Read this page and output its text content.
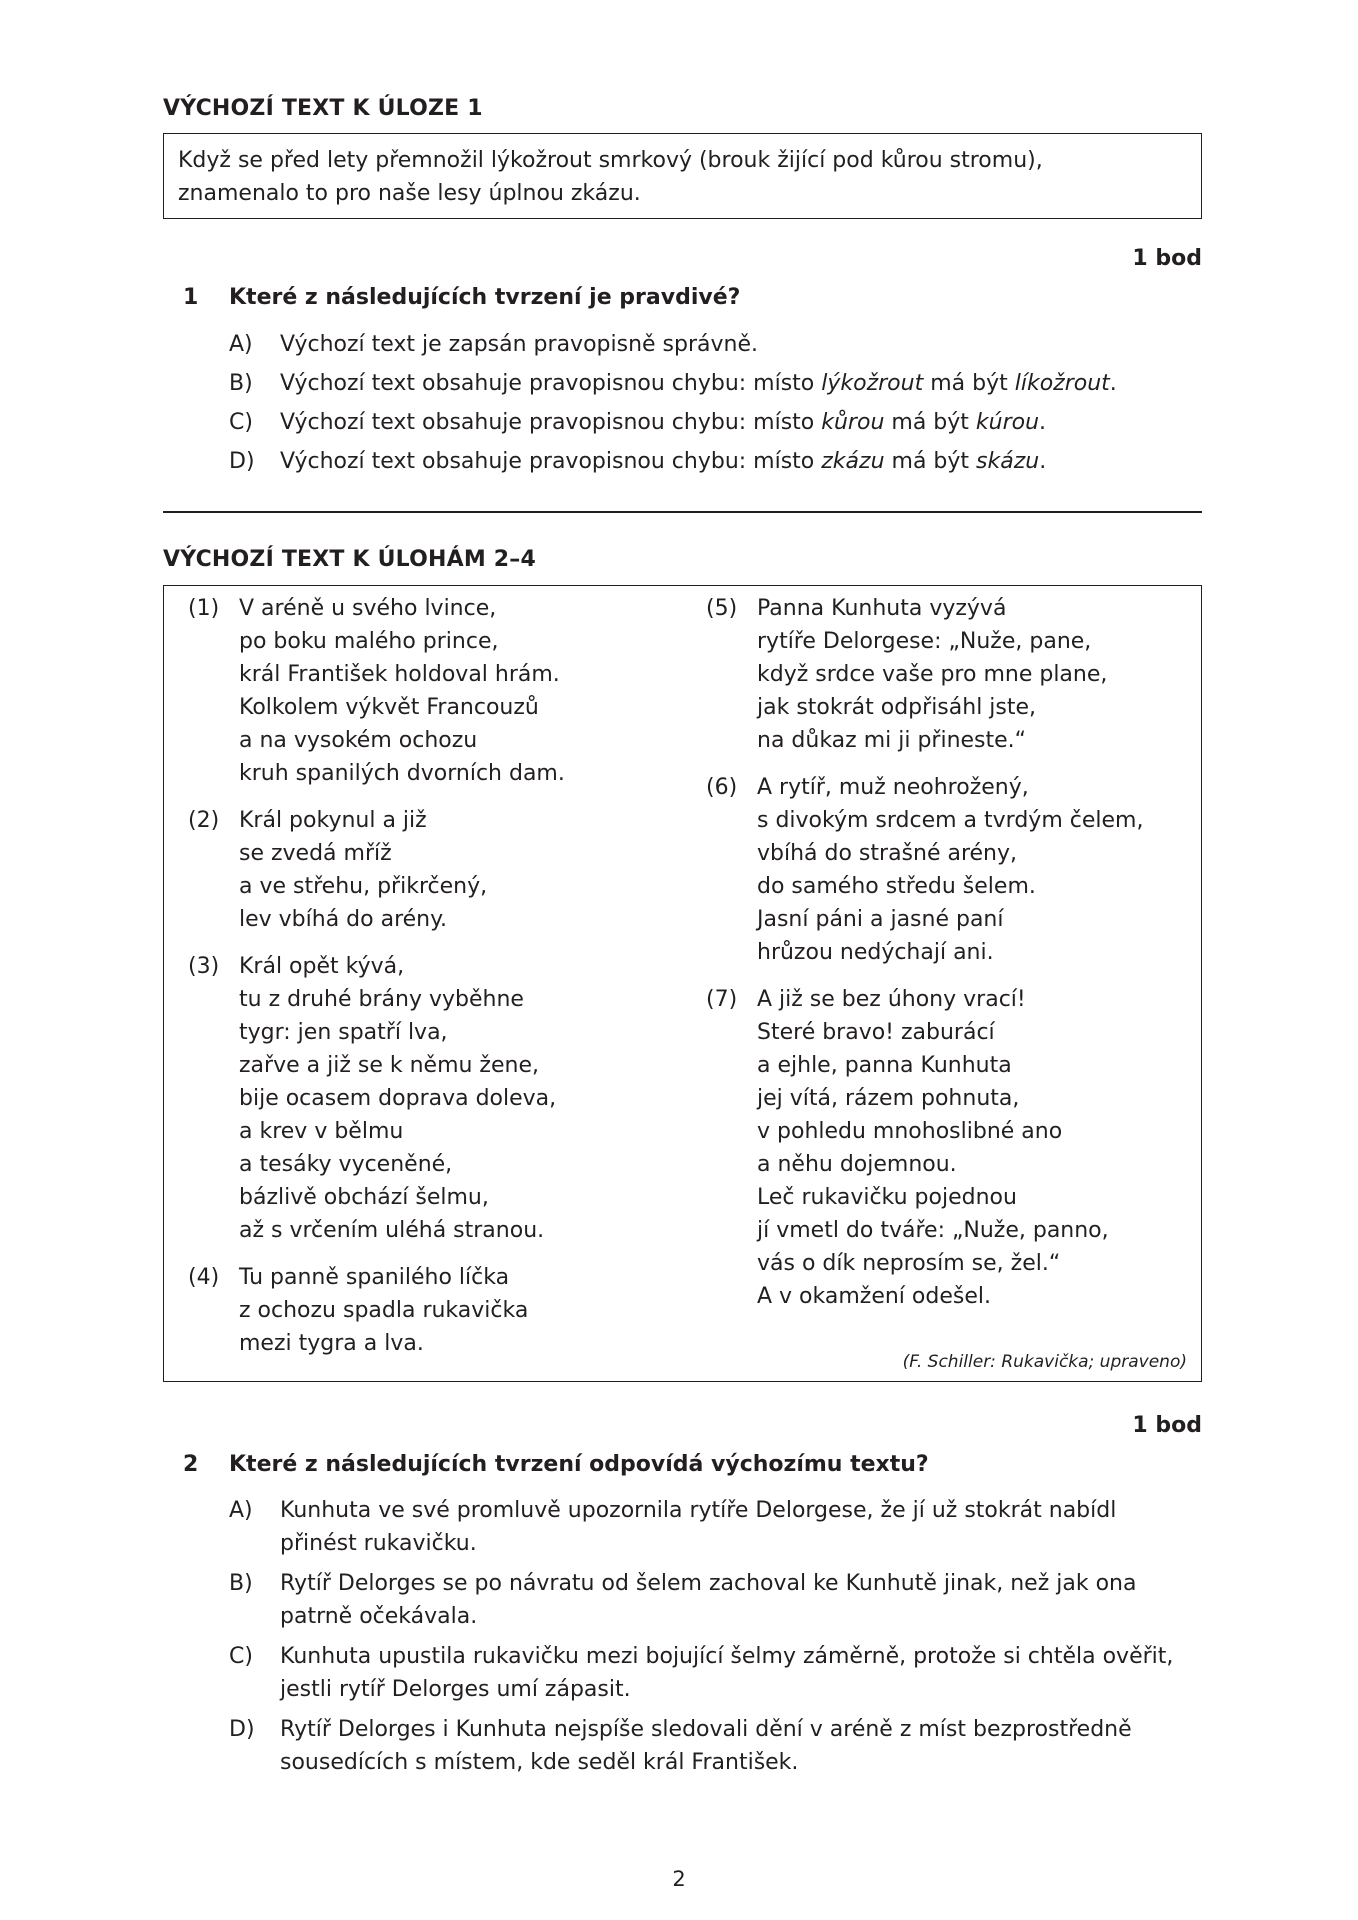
VÝCHOZÍ TEXT K ÚLOZE 1
Když se před lety přemnožil lýkožrout smrkový (brouk žijící pod kůrou stromu),
znamenalo to pro naše lesy úplnou zkázu.
1 bod
1 Které z následujících tvrzení je pravdivé?
A) Výchozí text je zapsán pravopisně správně.
B) Výchozí text obsahuje pravopisnou chybu: místo lýkožrout má být líkožrout.
C) Výchozí text obsahuje pravopisnou chybu: místo kůrou má být kúrou.
D) Výchozí text obsahuje pravopisnou chybu: místo zkázu má být skázu.
VÝCHOZÍ TEXT K ÚLOHÁM 2–4
(1) V aréně u svého lvince,
po boku malého prince,
král František holdoval hrám.
Kolkolem výkvět Francouzů
a na vysokém ochozu
kruh spanilých dvorních dam.
(2) Král pokynul a již
se zvedá mříž
a ve střehu, přikrčený,
lev vbíhá do arény.
(3) Král opět kývá,
tu z druhé brány vyběhne
tygr: jen spatří lva,
zařve a již se k němu žene,
bije ocasem doprava doleva,
a krev v bělmu
a tesáky vyceněné,
bázlivě obchází šelmu,
až s vrčením uléhá stranou.
(4) Tu panně spanilého líčka
z ochozu spadla rukavička
mezi tygra a lva.
(5) Panna Kunhuta vyzývá
rytíře Delorgese: „Nuže, pane,
když srdce vaše pro mne plane,
jak stokrát odpřisáhl jste,
na důkaz mi ji přineste.“
(6) A rytíř, muž neohrožený,
s divokým srdcem a tvrdým čelem,
vbíhá do strašné arény,
do samého středu šelem.
Jasní páni a jasné paní
hrůzou nedýchají ani.
(7) A již se bez úhony vrací!
Steré bravo! zaburácí
a ejhle, panna Kunhuta
jej vítá, rázem pohnuta,
v pohledu mnohoslibné ano
a něhu dojemnou.
Leč rukavičku pojednou
jí vmetl do tváře: „Nuže, panno,
vás o dík neprosím se, žel.“
A v okamžení odešel.
(F. Schiller: Rukavička; upraveno)
1 bod
2 Které z následujících tvrzení odpovídá výchozímu textu?
A) Kunhuta ve své promluvě upozornila rytíře Delorgese, že jí už stokrát nabídl
přinést rukavičku.
B) Rytíř Delorges se po návratu od šelem zachoval ke Kunhutě jinak, než jak ona
patrně očekávala.
C) Kunhuta upustila rukavičku mezi bojující šelmy záměrně, protože si chtěla ověřit,
jestli rytíř Delorges umí zápasit.
D) Rytíř Delorges i Kunhuta nejspíše sledovali dění v aréně z míst bezprostředně
sousedících s místem, kde seděl král František.
2
